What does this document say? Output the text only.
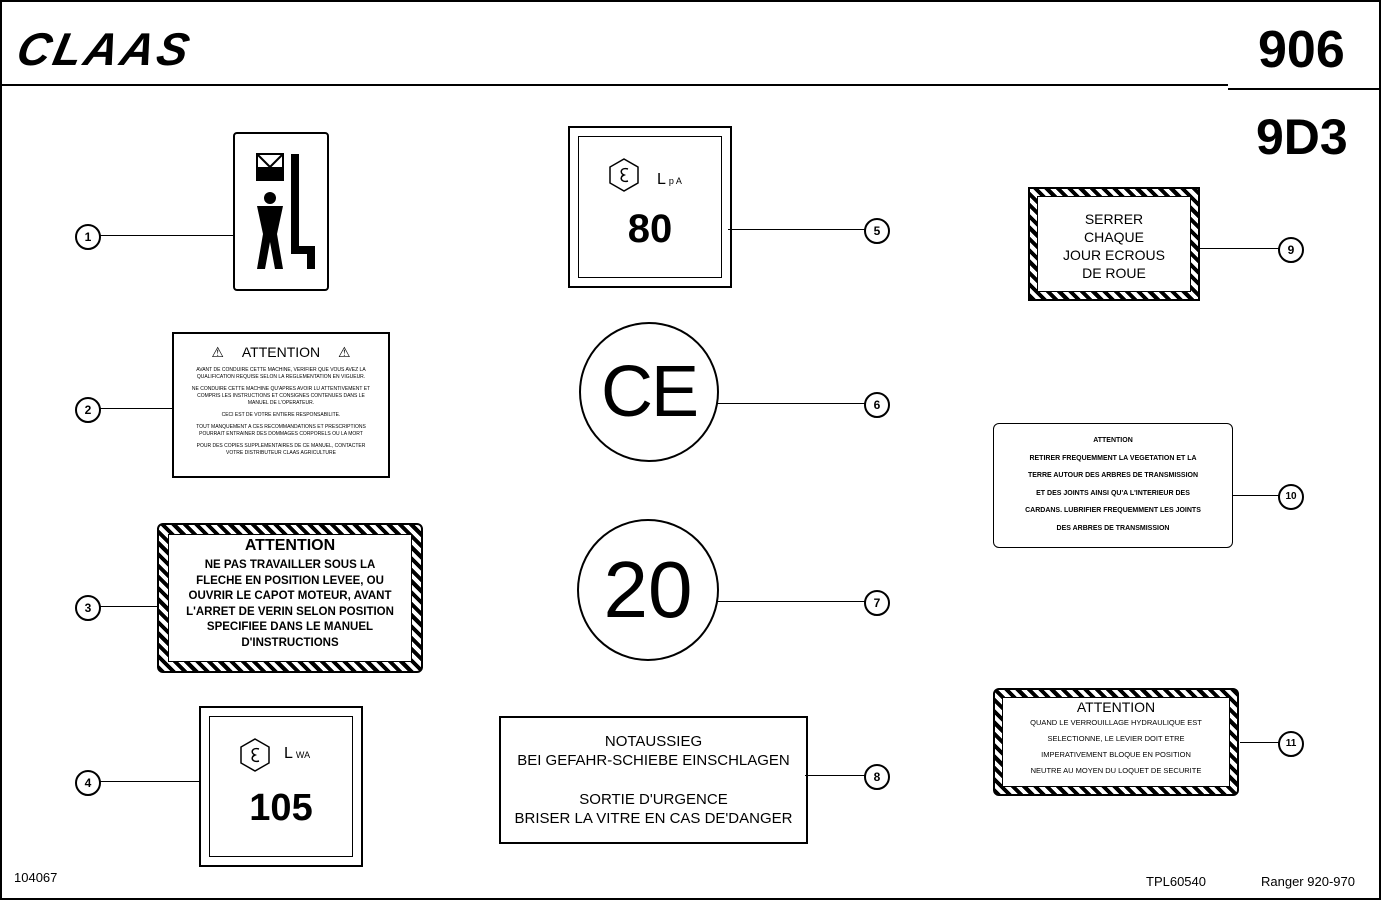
CLAAS	906
9D3
1
2
⚠ ATTENTION ⚠
AVANT DE CONDUIRE CETTE MACHINE, VERIFIER QUE VOUS AVEZ LA
QUALIFICATION REQUISE SELON LA REGLEMENTATION EN VIGUEUR.
NE CONDUIRE CETTE MACHINE QU'APRES AVOIR LU ATTENTIVEMENT ET
COMPRIS LES INSTRUCTIONS ET CONSIGNES CONTENUES DANS LE
MANUEL DE L'OPERATEUR.
CECI EST DE VOTRE ENTIERE RESPONSABILITE.
TOUT MANQUEMENT A CES RECOMMANDATIONS ET PRESCRIPTIONS
POURRAIT ENTRAINER DES DOMMAGES CORPORELS OU LA MORT
POUR DES COPIES SUPPLEMENTAIRES DE CE MANUEL, CONTACTER
VOTRE DISTRIBUTEUR CLAAS AGRICULTURE
3
ATTENTION
NE PAS TRAVAILLER SOUS LA
FLECHE EN POSITION LEVEE, OU
OUVRIR LE CAPOT MOTEUR, AVANT
L'ARRET DE VERIN SELON POSITION
SPECIFIEE DANS LE MANUEL
D'INSTRUCTIONS
4
LWA
105
5
Lp A
80
6
CE
7
20
8
NOTAUSSIEG
BEI GEFAHR-SCHIEBE EINSCHLAGEN
SORTIE D'URGENCE
BRISER LA VITRE EN CAS DE'DANGER
9
SERRER
CHAQUE
JOUR ECROUS
DE ROUE
10
ATTENTION
RETIRER FREQUEMMENT LA VEGETATION ET LA
TERRE AUTOUR DES ARBRES DE TRANSMISSION
ET DES JOINTS AINSI QU'A L'INTERIEUR DES
CARDANS. LUBRIFIER FREQUEMMENT LES JOINTS
DES ARBRES DE TRANSMISSION
11
ATTENTION
QUAND LE VERROUILLAGE HYDRAULIQUE EST
SELECTIONNE, LE LEVIER DOIT ETRE
IMPERATIVEMENT BLOQUE EN POSITION
NEUTRE AU MOYEN DU LOQUET DE SECURITE
104067	TPL60540	Ranger 920-970
